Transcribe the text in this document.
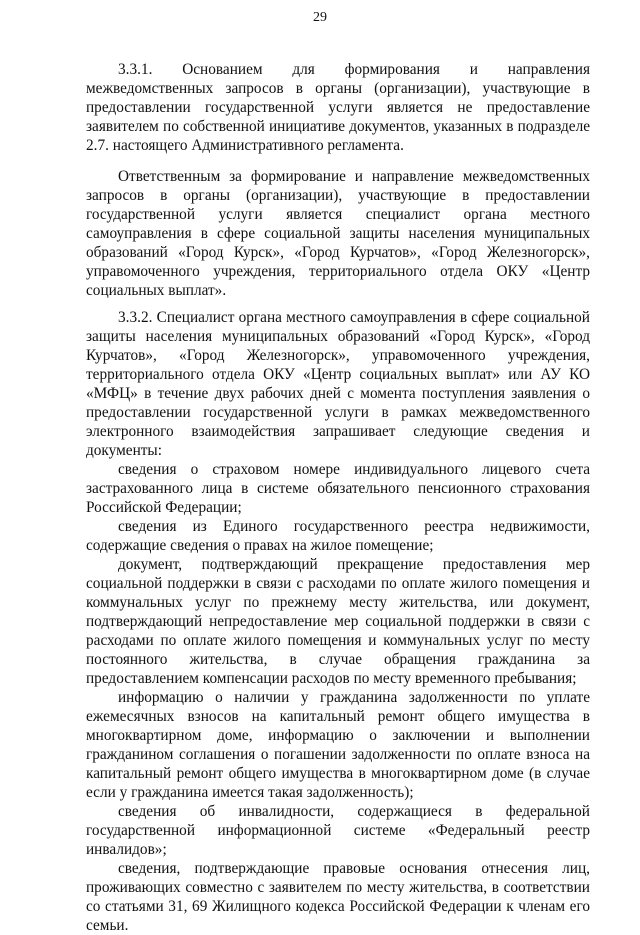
29

3.3.1. Основанием для формирования и направления межведомственных запросов в органы (организации), участвующие в предоставлении государственной услуги является не предоставление заявителем по собственной инициативе документов, указанных в подразделе 2.7. настоящего Административного регламента.

Ответственным за формирование и направление межведомственных запросов в органы (организации), участвующие в предоставлении государственной услуги является специалист органа местного самоуправления в сфере социальной защиты населения муниципальных образований «Город Курск», «Город Курчатов», «Город Железногорск», управомоченного учреждения, территориального отдела ОКУ «Центр социальных выплат».

3.3.2. Специалист органа местного самоуправления в сфере социальной защиты населения муниципальных образований «Город Курск», «Город Курчатов», «Город Железногорск», управомоченного учреждения, территориального отдела ОКУ «Центр социальных выплат» или АУ КО «МФЦ» в течение двух рабочих дней с момента поступления заявления о предоставлении государственной услуги в рамках межведомственного электронного взаимодействия запрашивает следующие сведения и документы:

сведения о страховом номере индивидуального лицевого счета застрахованного лица в системе обязательного пенсионного страхования Российской Федерации;

сведения из Единого государственного реестра недвижимости, содержащие сведения о правах на жилое помещение;

документ, подтверждающий прекращение предоставления мер социальной поддержки в связи с расходами по оплате жилого помещения и коммунальных услуг по прежнему месту жительства, или документ, подтверждающий непредоставление мер социальной поддержки в связи с расходами по оплате жилого помещения и коммунальных услуг по месту постоянного жительства, в случае обращения гражданина за предоставлением компенсации расходов по месту временного пребывания;

информацию о наличии у гражданина задолженности по уплате ежемесячных взносов на капитальный ремонт общего имущества в многоквартирном доме, информацию о заключении и выполнении гражданином соглашения о погашении задолженности по оплате взноса на капитальный ремонт общего имущества в многоквартирном доме (в случае если у гражданина имеется такая задолженность);

сведения об инвалидности, содержащиеся в федеральной государственной информационной системе «Федеральный реестр инвалидов»;

сведения, подтверждающие правовые основания отнесения лиц, проживающих совместно с заявителем по месту жительства, в соответствии со статьями 31, 69 Жилищного кодекса Российской Федерации к членам его семьи.
